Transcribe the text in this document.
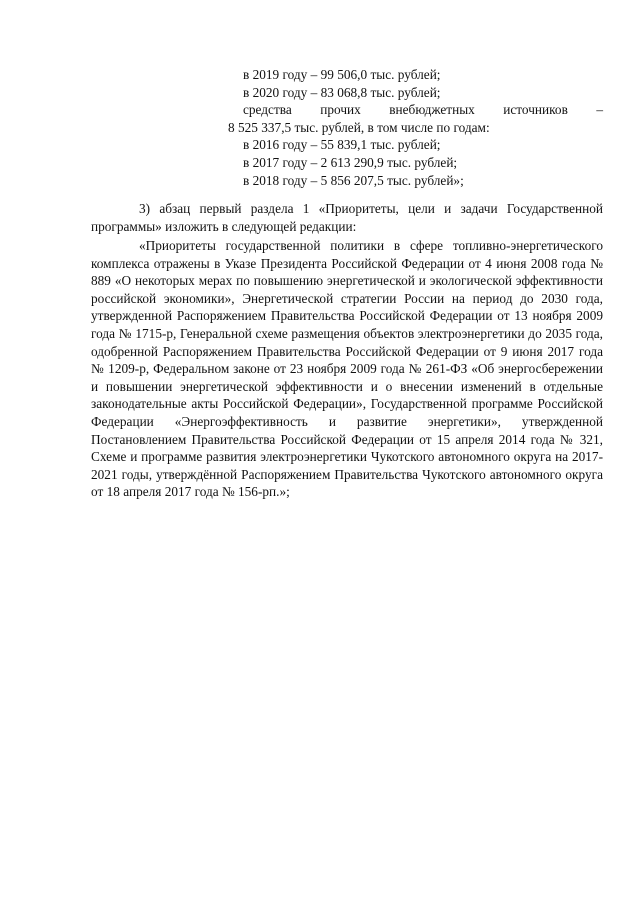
в 2019 году – 99 506,0 тыс. рублей;
в 2020 году – 83 068,8 тыс. рублей;
средства прочих внебюджетных источников –
8 525 337,5 тыс. рублей, в том числе по годам:
в 2016 году – 55 839,1 тыс. рублей;
в 2017 году – 2 613 290,9 тыс. рублей;
в 2018 году – 5 856 207,5 тыс. рублей»;

3) абзац первый раздела 1 «Приоритеты, цели и задачи Государственной программы» изложить в следующей редакции:

«Приоритеты государственной политики в сфере топливно-энергетического комплекса отражены в Указе Президента Российской Федерации от 4 июня 2008 года № 889 «О некоторых мерах по повышению энергетической и экологической эффективности российской экономики», Энергетической стратегии России на период до 2030 года, утвержденной Распоряжением Правительства Российской Федерации от 13 ноября 2009 года № 1715-р, Генеральной схеме размещения объектов электроэнергетики до 2035 года, одобренной Распоряжением Правительства Российской Федерации от 9 июня 2017 года № 1209-р, Федеральном законе от 23 ноября 2009 года № 261-ФЗ «Об энергосбережении и повышении энергетической эффективности и о внесении изменений в отдельные законодательные акты Российской Федерации», Государственной программе Российской Федерации «Энергоэффективность и развитие энергетики», утвержденной Постановлением Правительства Российской Федерации от 15 апреля 2014 года № 321, Схеме и программе развития электроэнергетики Чукотского автономного округа на 2017-2021 годы, утверждённой Распоряжением Правительства Чукотского автономного округа от 18 апреля 2017 года № 156-рп.»;
